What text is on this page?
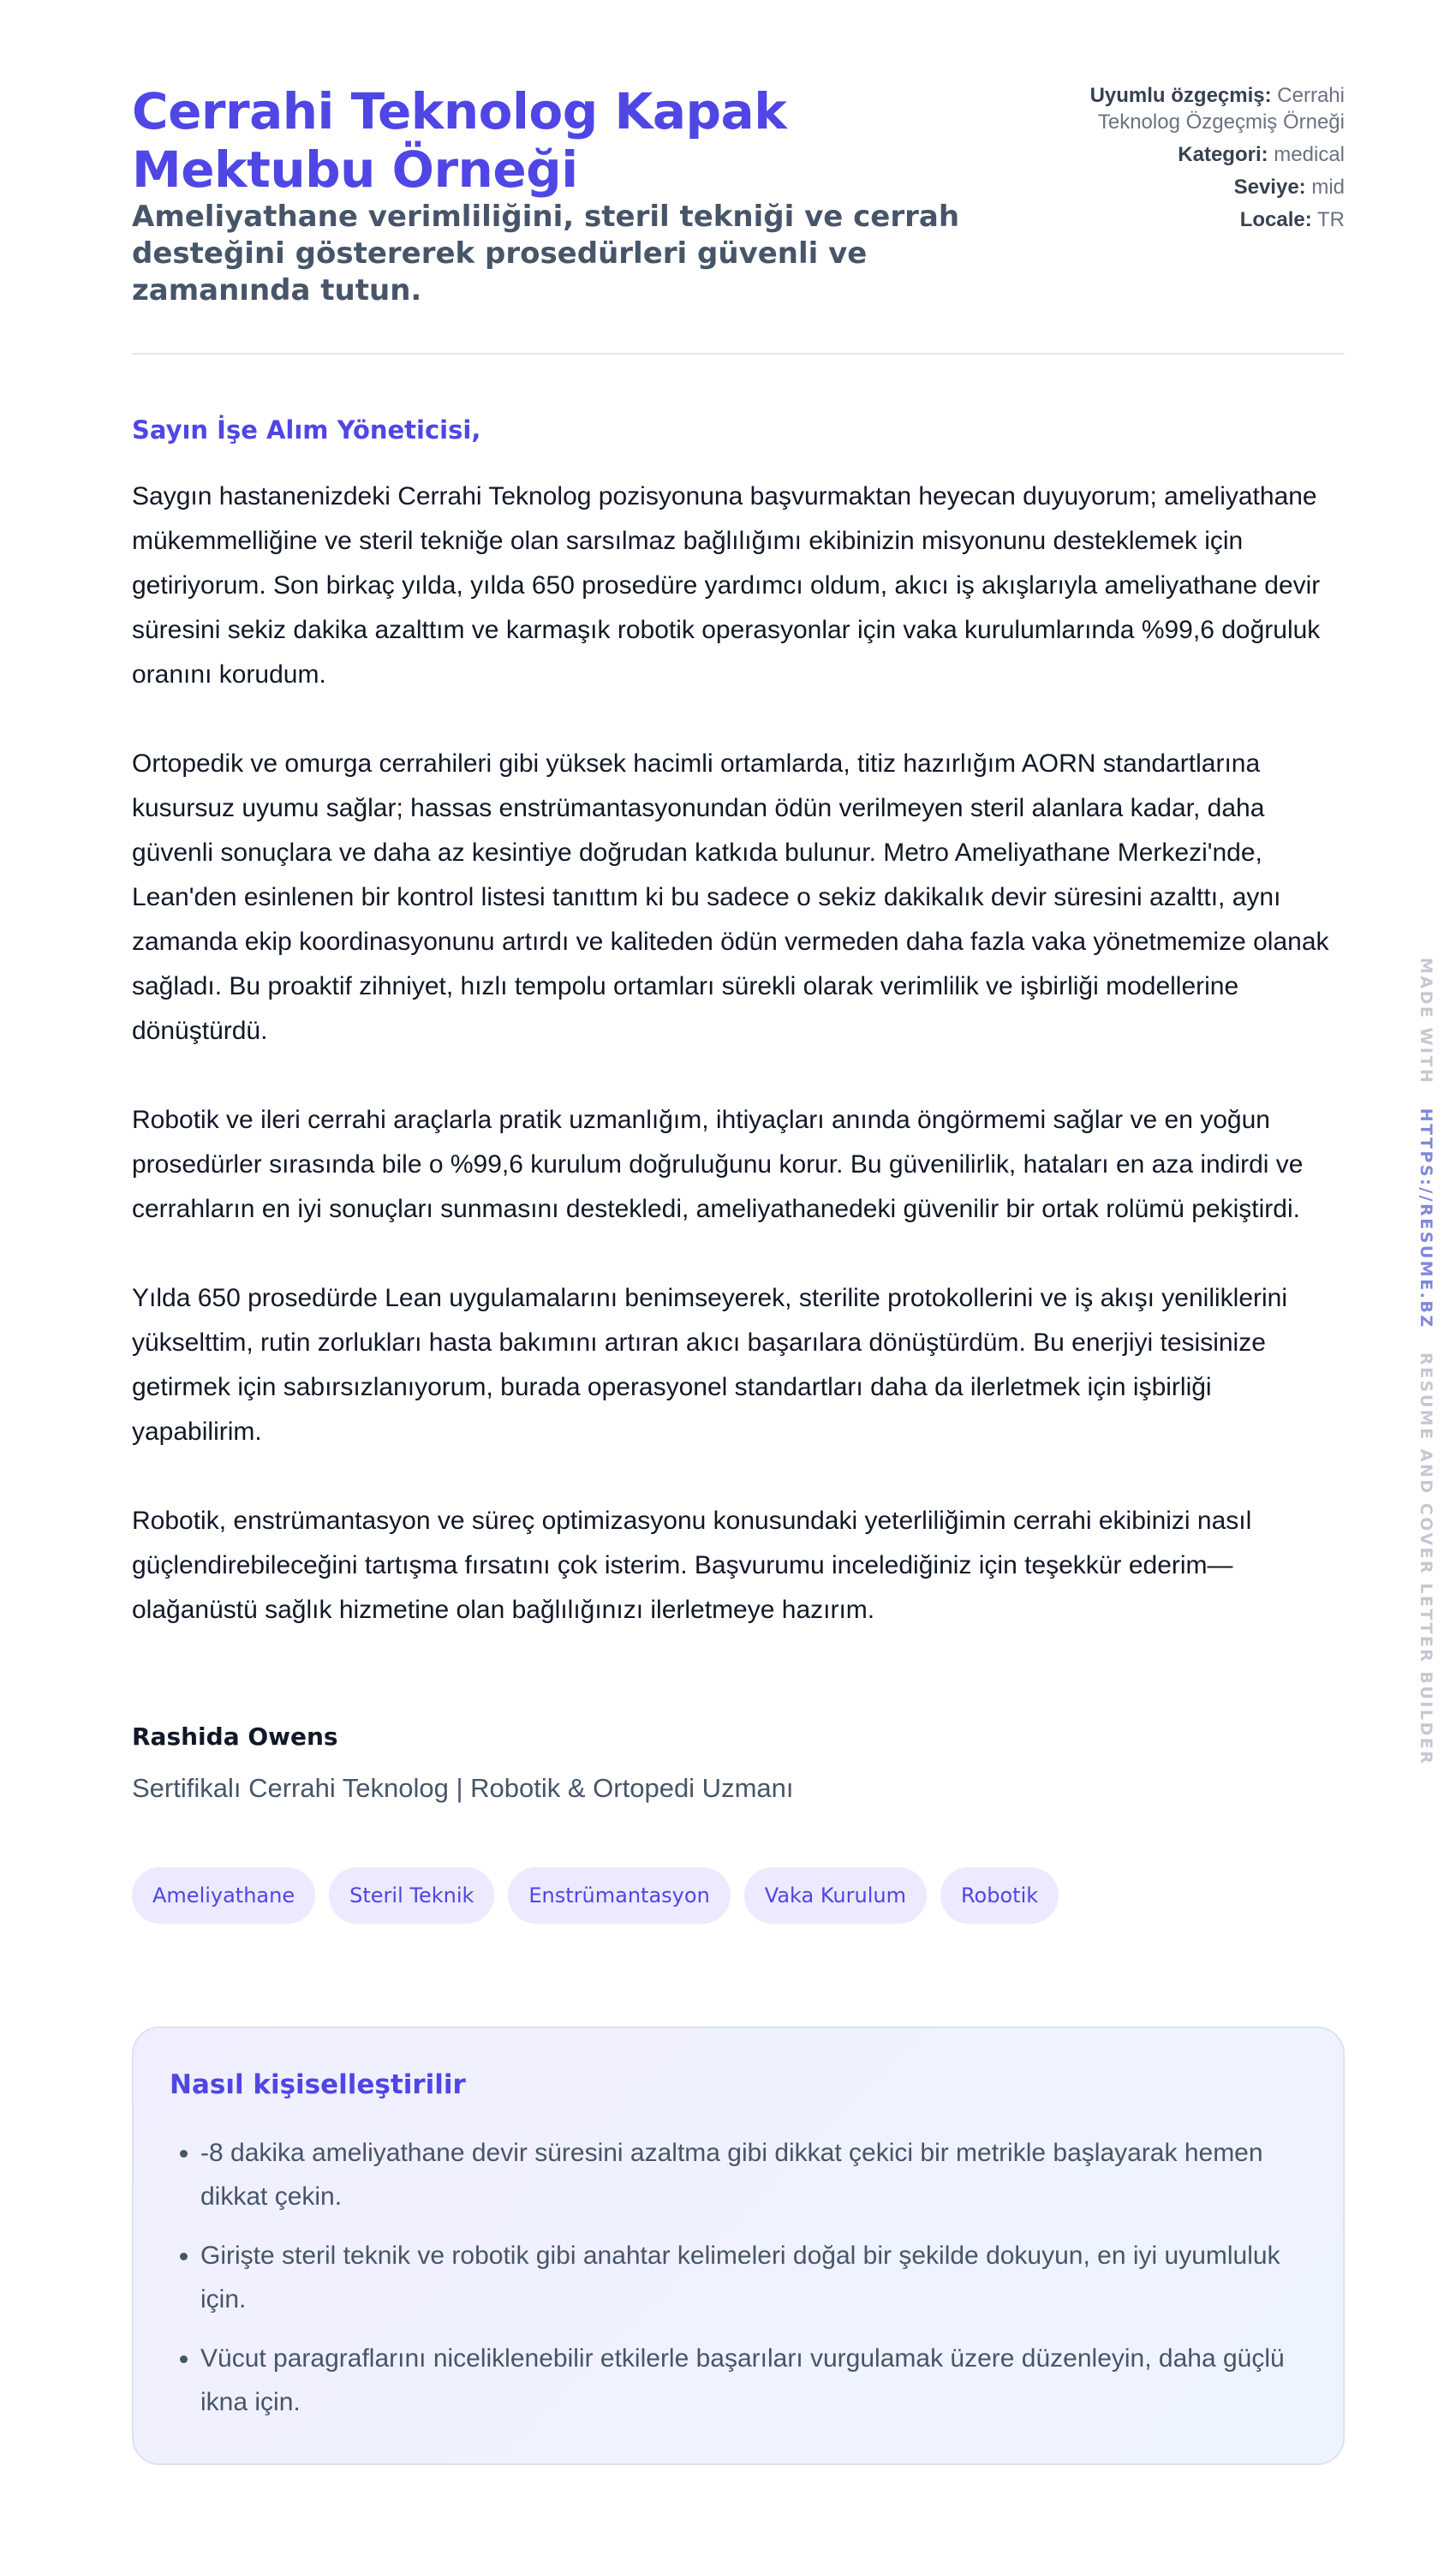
Cerrahi Teknolog Kapak Mektubu Örneği
Ameliyathane verimliliğini, steril tekniği ve cerrah desteğini göstererek prosedürleri güvenli ve zamanında tutun.
Uyumlu özgeçmiş: Cerrahi Teknolog Özgeçmiş Örneği
Kategori: medical
Seviye: mid
Locale: TR
Sayın İşe Alım Yöneticisi,

Saygın hastanenizdeki Cerrahi Teknolog pozisyonuna başvurmaktan heyecan duyuyorum; ameliyathane mükemmelliğine ve steril tekniğe olan sarsılmaz bağlılığımı ekibinizin misyonunu desteklemek için getiriyorum. Son birkaç yılda, yılda 650 prosedüre yardımcı oldum, akıcı iş akışlarıyla ameliyathane devir süresini sekiz dakika azalttım ve karmaşık robotik operasyonlar için vaka kurulumlarında %99,6 doğruluk oranını korudum.

Ortopedik ve omurga cerrahileri gibi yüksek hacimli ortamlarda, titiz hazırlığım AORN standartlarına kusursuz uyumu sağlar; hassas enstrümantasyonundan ödün verilmeyen steril alanlara kadar, daha güvenli sonuçlara ve daha az kesintiye doğrudan katkıda bulunur. Metro Ameliyathane Merkezi'nde, Lean'den esinlenen bir kontrol listesi tanıttım ki bu sadece o sekiz dakikalık devir süresini azalttı, aynı zamanda ekip koordinasyonunu artırdı ve kaliteden ödün vermeden daha fazla vaka yönetmemize olanak sağladı. Bu proaktif zihniyet, hızlı tempolu ortamları sürekli olarak verimlilik ve işbirliği modellerine dönüştürdü.

Robotik ve ileri cerrahi araçlarla pratik uzmanlığım, ihtiyaçları anında öngörmemi sağlar ve en yoğun prosedürler sırasında bile o %99,6 kurulum doğruluğunu korur. Bu güvenilirlik, hataları en aza indirdi ve cerrahların en iyi sonuçları sunmasını destekledi, ameliyathanedeki güvenilir bir ortak rolümü pekiştirdi.

Yılda 650 prosedürde Lean uygulamalarını benimseyerek, sterilite protokollerini ve iş akışı yeniliklerini yükselttim, rutin zorlukları hasta bakımını artıran akıcı başarılara dönüştürdüm. Bu enerjiyi tesisinize getirmek için sabırsızlanıyorum, burada operasyonel standartları daha da ilerletmek için işbirliği yapabilirim.

Robotik, enstrümantasyon ve süreç optimizasyonu konusundaki yeterliliğimin cerrahi ekibinizi nasıl güçlendirebileceğini tartışma fırsatını çok isterim. Başvurumu incelediğiniz için teşekkür ederim—olağanüstü sağlık hizmetine olan bağlılığınızı ilerletmeye hazırım.

Rashida Owens
Sertifikalı Cerrahi Teknolog | Robotik & Ortopedi Uzmanı
Ameliyathane	Steril Teknik	Enstrümantasyon	Vaka Kurulum	Robotik
Nasıl kişiselleştirilir
• -8 dakika ameliyathane devir süresini azaltma gibi dikkat çekici bir metrikle başlayarak hemen dikkat çekin.
• Girişte steril teknik ve robotik gibi anahtar kelimeleri doğal bir şekilde dokuyun, en iyi uyumluluk için.
• Vücut paragraflarını niceliklenebilir etkilerle başarıları vurgulamak üzere düzenleyin, daha güçlü ikna için.
MADE WITH   HTTPS://RESUME.BZ   RESUME AND COVER LETTER BUILDER
